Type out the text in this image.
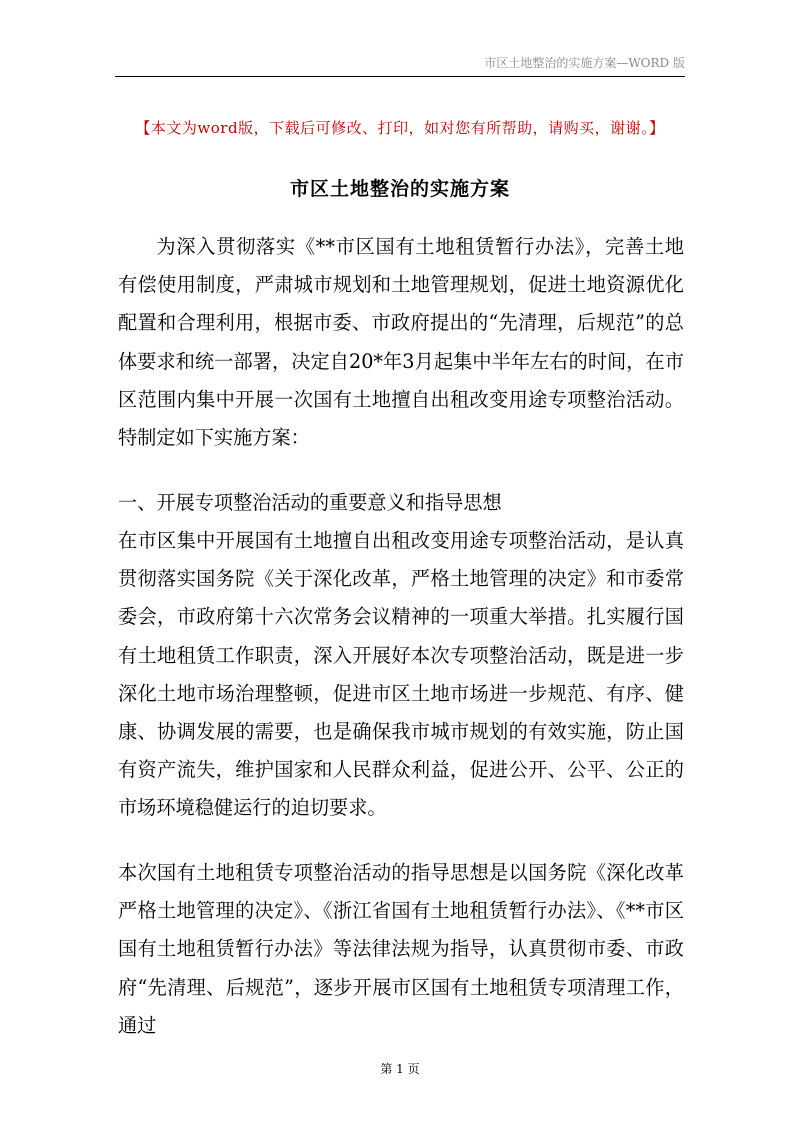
市区土地整治的实施方案—WORD 版
【本文为word版，下载后可修改、打印，如对您有所帮助，请购买，谢谢。】
市区土地整治的实施方案
为深入贯彻落实《**市区国有土地租赁暂行办法》，完善土地有偿使用制度，严肃城市规划和土地管理规划，促进土地资源优化配置和合理利用，根据市委、市政府提出的“先清理，后规范”的总体要求和统一部署，决定自20*年3月起集中半年左右的时间，在市区范围内集中开展一次国有土地擅自出租改变用途专项整治活动。特制定如下实施方案：
一、开展专项整治活动的重要意义和指导思想
在市区集中开展国有土地擅自出租改变用途专项整治活动，是认真贯彻落实国务院《关于深化改革，严格土地管理的决定》和市委常委会，市政府第十六次常务会议精神的一项重大举措。扎实履行国有土地租赁工作职责，深入开展好本次专项整治活动，既是进一步深化土地市场治理整顿，促进市区土地市场进一步规范、有序、健康、协调发展的需要，也是确保我市城市规划的有效实施，防止国有资产流失，维护国家和人民群众利益，促进公开、公平、公正的市场环境稳健运行的迫切要求。
本次国有土地租赁专项整治活动的指导思想是以国务院《深化改革严格土地管理的决定》、《浙江省国有土地租赁暂行办法》、《**市区国有土地租赁暂行办法》等法律法规为指导，认真贯彻市委、市政府“先清理、后规范”，逐步开展市区国有土地租赁专项清理工作，通过
第 1 页
